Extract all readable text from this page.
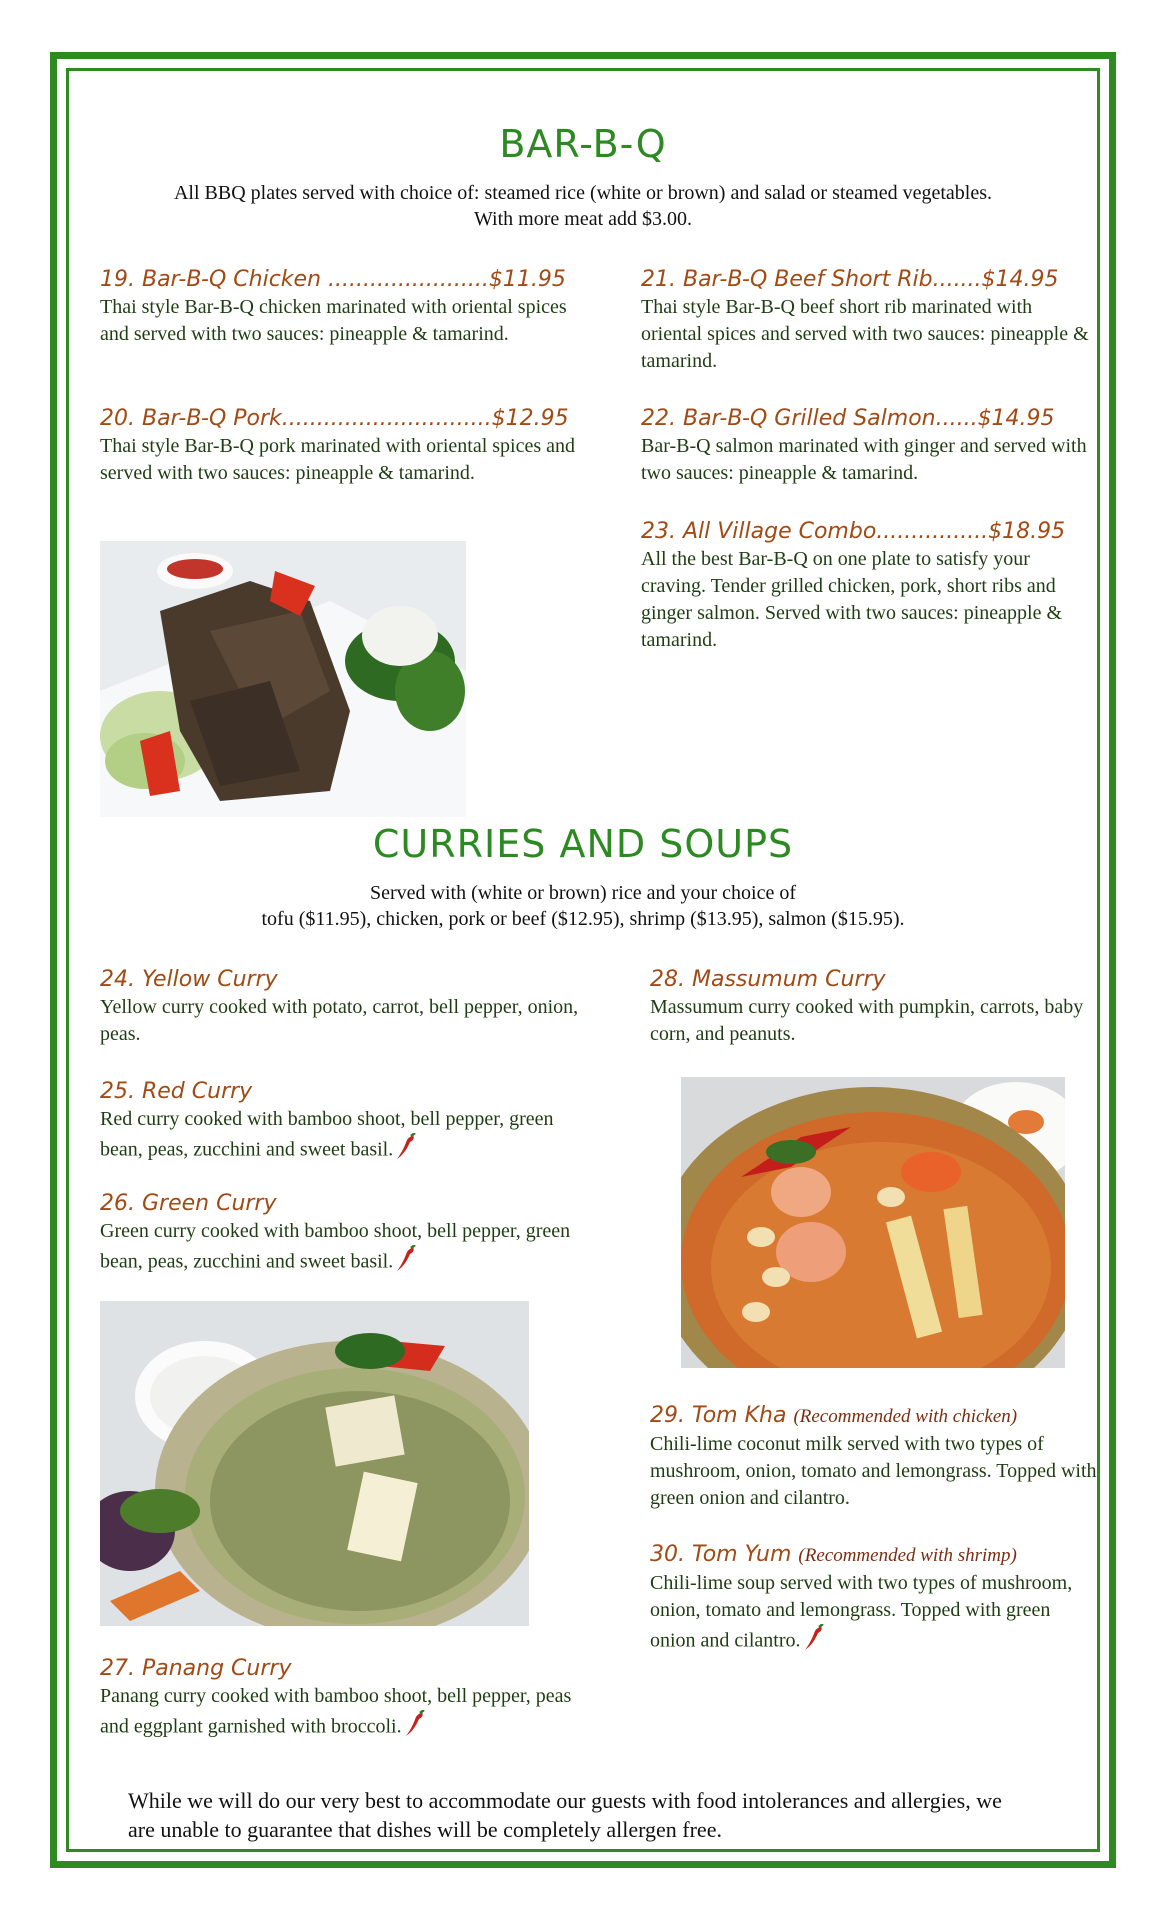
BAR-B-Q
All BBQ plates served with choice of: steamed rice (white or brown) and salad or steamed vegetables.
With more meat add $3.00.
19. Bar-B-Q Chicken .......................$11.95
Thai style Bar-B-Q chicken marinated with oriental spices and served with two sauces: pineapple & tamarind.
20. Bar-B-Q Pork..............................$12.95
Thai style Bar-B-Q pork marinated with oriental spices and served with two sauces: pineapple & tamarind.
21. Bar-B-Q Beef Short Rib.......$14.95
Thai style Bar-B-Q beef short rib marinated with oriental spices and served with two sauces: pineapple & tamarind.
22. Bar-B-Q Grilled Salmon......$14.95
Bar-B-Q salmon marinated with ginger and served with two sauces: pineapple & tamarind.
23. All Village Combo................$18.95
All the best Bar-B-Q on one plate to satisfy your craving. Tender grilled chicken, pork, short ribs and ginger salmon. Served with two sauces: pineapple & tamarind.
CURRIES AND SOUPS
Served with (white or brown) rice and your choice of
tofu ($11.95), chicken, pork or beef ($12.95), shrimp ($13.95), salmon ($15.95).
24. Yellow Curry
Yellow curry cooked with potato, carrot, bell pepper, onion, peas.
25. Red Curry
Red curry cooked with bamboo shoot, bell pepper, green bean, peas, zucchini and sweet basil.
26. Green Curry
Green curry cooked with bamboo shoot, bell pepper, green bean, peas, zucchini and sweet basil.
27. Panang Curry
Panang curry cooked with bamboo shoot, bell pepper, peas and eggplant garnished with broccoli.
28. Massumum Curry
Massumum curry cooked with pumpkin, carrots, baby corn, and peanuts.
29. Tom Kha (Recommended with chicken)
Chili-lime coconut milk served with two types of mushroom, onion, tomato and lemongrass. Topped with green onion and cilantro.
30. Tom Yum (Recommended with shrimp)
Chili-lime soup served with two types of mushroom, onion, tomato and lemongrass. Topped with green onion and cilantro.
While we will do our very best to accommodate our guests with food intolerances and allergies, we are unable to guarantee that dishes will be completely allergen free.
